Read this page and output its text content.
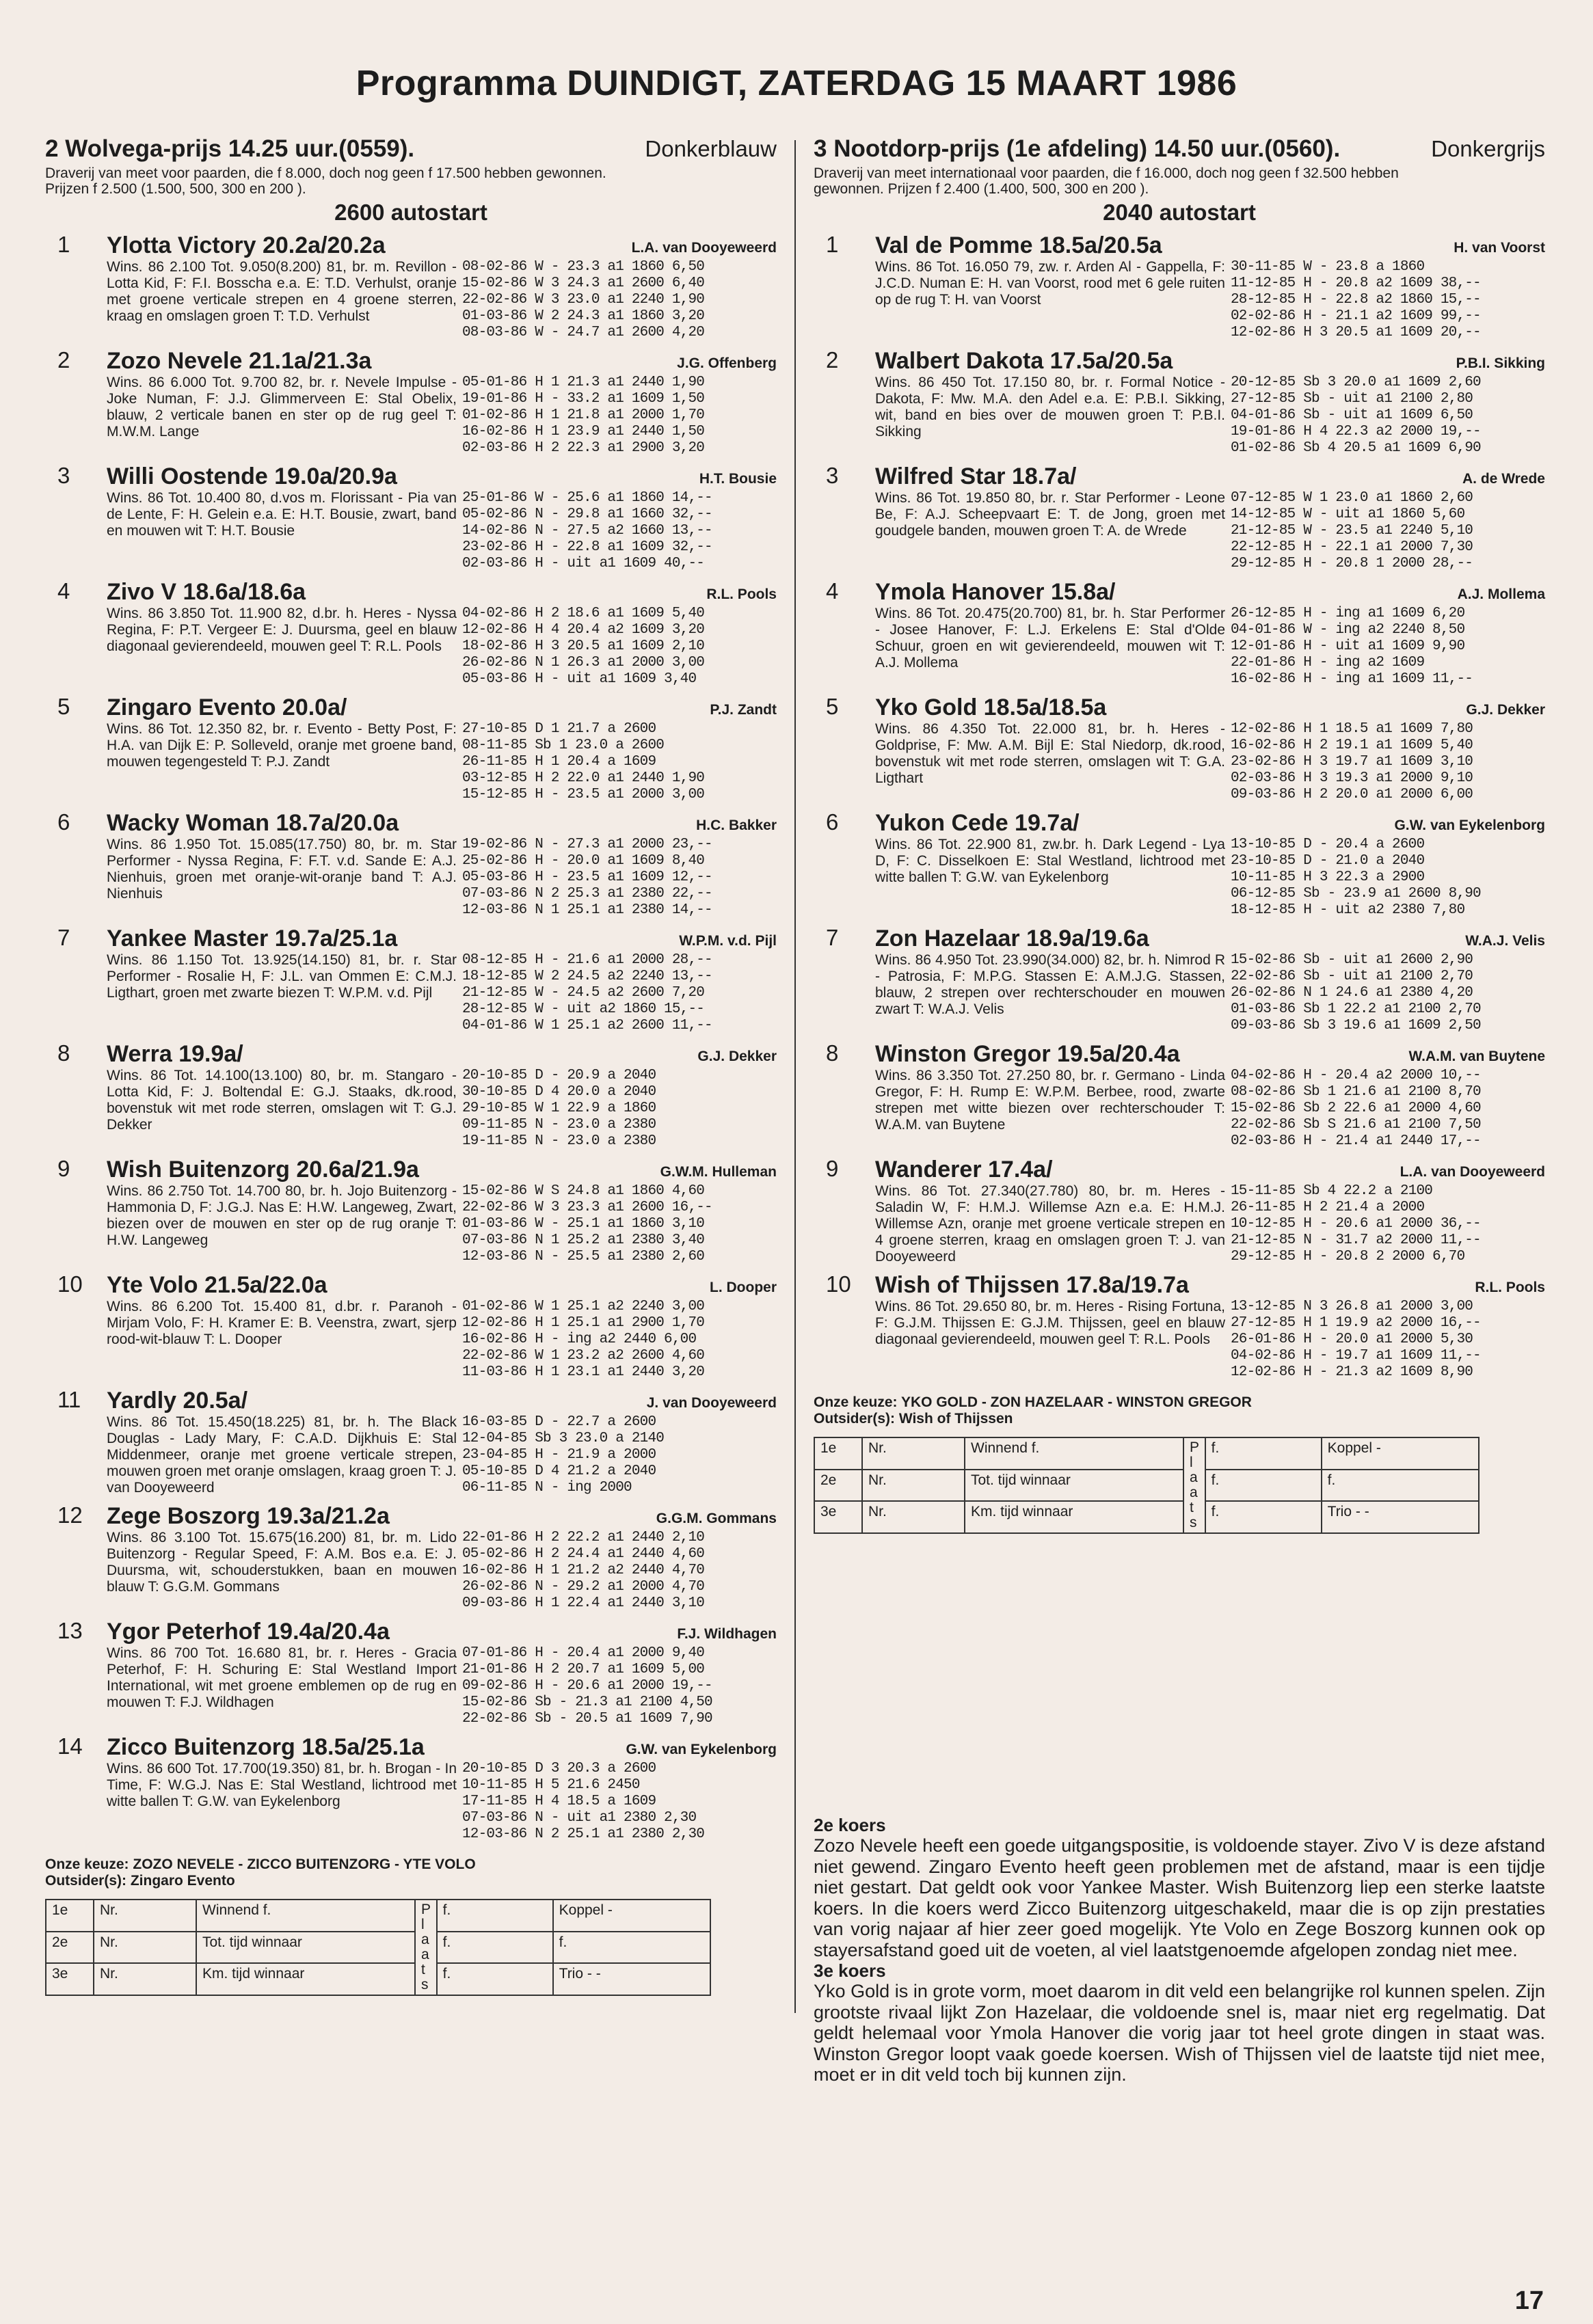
Programma DUINDIGT, ZATERDAG 15 MAART 1986
2 Wolvega-prijs 14.25 uur.(0559).	Donkerblauw
Draverij van meet voor paarden, die f 8.000, doch nog geen f 17.500 hebben gewonnen. Prijzen f 2.500 (1.500, 500, 300 en 200 ).
2600 autostart
1	Ylotta Victory 20.2a/20.2a	L.A. van Dooyeweerd
Wins. 86 2.100 Tot. 9.050(8.200) 81, br. m. Revillon - Lotta Kid, F: F.I. Bosscha e.a. E: T.D. Verhulst, oranje met groene verticale strepen en 4 groene sterren, kraag en omslagen groen T: T.D. Verhulst
08-02-86 W - 23.3 a1 1860 6,50
15-02-86 W 3 24.3 a1 2600 6,40
22-02-86 W 3 23.0 a1 2240 1,90
01-03-86 W 2 24.3 a1 1860 3,20
08-03-86 W - 24.7 a1 2600 4,20
2	Zozo Nevele 21.1a/21.3a	J.G. Offenberg
Wins. 86 6.000 Tot. 9.700 82, br. r. Nevele Impulse - Joke Numan, F: J.J. Glimmerveen E: Stal Obelix, blauw, 2 verticale banen en ster op de rug geel T: M.W.M. Lange
05-01-86 H 1 21.3 a1 2440 1,90
19-01-86 H - 33.2 a1 1609 1,50
01-02-86 H 1 21.8 a1 2000 1,70
16-02-86 H 1 23.9 a1 2440 1,50
02-03-86 H 2 22.3 a1 2900 3,20
3	Willi Oostende 19.0a/20.9a	H.T. Bousie
Wins. 86 Tot. 10.400 80, d.vos m. Florissant - Pia van de Lente, F: H. Gelein e.a. E: H.T. Bousie, zwart, band en mouwen wit T: H.T. Bousie
25-01-86 W - 25.6 a1 1860 14,--
05-02-86 N - 29.8 a1 1660 32,--
14-02-86 N - 27.5 a2 1660 13,--
23-02-86 H - 22.8 a1 1609 32,--
02-03-86 H - uit a1 1609 40,--
4	Zivo V 18.6a/18.6a	R.L. Pools
Wins. 86 3.850 Tot. 11.900 82, d.br. h. Heres - Nyssa Regina, F: P.T. Vergeer E: J. Duursma, geel en blauw diagonaal gevierendeeld, mouwen geel T: R.L. Pools
04-02-86 H 2 18.6 a1 1609 5,40
12-02-86 H 4 20.4 a2 1609 3,20
18-02-86 H 3 20.5 a1 1609 2,10
26-02-86 N 1 26.3 a1 2000 3,00
05-03-86 H - uit a1 1609 3,40
5	Zingaro Evento 20.0a/	P.J. Zandt
Wins. 86 Tot. 12.350 82, br. r. Evento - Betty Post, F: H.A. van Dijk E: P. Solleveld, oranje met groene band, mouwen tegengesteld T: P.J. Zandt
27-10-85 D 1 21.7 a 2600
08-11-85 Sb 1 23.0 a 2600
26-11-85 H 1 20.4 a 1609
03-12-85 H 2 22.0 a1 2440 1,90
15-12-85 H - 23.5 a1 2000 3,00
6	Wacky Woman 18.7a/20.0a	H.C. Bakker
Wins. 86 1.950 Tot. 15.085(17.750) 80, br. m. Star Performer - Nyssa Regina, F: F.T. v.d. Sande E: A.J. Nienhuis, groen met oranje-wit-oranje band T: A.J. Nienhuis
19-02-86 N - 27.3 a1 2000 23,--
25-02-86 H - 20.0 a1 1609 8,40
05-03-86 H - 23.5 a1 1609 12,--
07-03-86 N 2 25.3 a1 2380 22,--
12-03-86 N 1 25.1 a1 2380 14,--
7	Yankee Master 19.7a/25.1a	W.P.M. v.d. Pijl
Wins. 86 1.150 Tot. 13.925(14.150) 81, br. r. Star Performer - Rosalie H, F: J.L. van Ommen E: C.M.J. Ligthart, groen met zwarte biezen T: W.P.M. v.d. Pijl
08-12-85 H - 21.6 a1 2000 28,--
18-12-85 W 2 24.5 a2 2240 13,--
21-12-85 W - 24.5 a2 2600 7,20
28-12-85 W - uit a2 1860 15,--
04-01-86 W 1 25.1 a2 2600 11,--
8	Werra 19.9a/	G.J. Dekker
Wins. 86 Tot. 14.100(13.100) 80, br. m. Stangaro - Lotta Kid, F: J. Boltendal E: G.J. Staaks, dk.rood, bovenstuk wit met rode sterren, omslagen wit T: G.J. Dekker
20-10-85 D - 20.9 a 2040
30-10-85 D 4 20.0 a 2040
29-10-85 W 1 22.9 a 1860
09-11-85 N - 23.0 a 2380
19-11-85 N - 23.0 a 2380
9	Wish Buitenzorg 20.6a/21.9a	G.W.M. Hulleman
Wins. 86 2.750 Tot. 14.700 80, br. h. Jojo Buitenzorg - Hammonia D, F: J.G.J. Nas E: H.W. Langeweg, Zwart, biezen over de mouwen en ster op de rug oranje T: H.W. Langeweg
15-02-86 W S 24.8 a1 1860 4,60
22-02-86 W 3 23.3 a1 2600 16,--
01-03-86 W - 25.1 a1 1860 3,10
07-03-86 N 1 25.2 a1 2380 3,40
12-03-86 N - 25.5 a1 2380 2,60
10	Yte Volo 21.5a/22.0a	L. Dooper
Wins. 86 6.200 Tot. 15.400 81, d.br. r. Paranoh - Mirjam Volo, F: H. Kramer E: B. Veenstra, zwart, sjerp rood-wit-blauw T: L. Dooper
01-02-86 W 1 25.1 a2 2240 3,00
12-02-86 H 1 25.1 a1 2900 1,70
16-02-86 H - ing a2 2440 6,00
22-02-86 W 1 23.2 a2 2600 4,60
11-03-86 H 1 23.1 a1 2440 3,20
11	Yardly 20.5a/	J. van Dooyeweerd
Wins. 86 Tot. 15.450(18.225) 81, br. h. The Black Douglas - Lady Mary, F: C.A.D. Dijkhuis E: Stal Middenmeer, oranje met groene verticale strepen, mouwen groen met oranje omslagen, kraag groen T: J. van Dooyeweerd
16-03-85 D - 22.7 a 2600
12-04-85 Sb 3 23.0 a 2140
23-04-85 H - 21.9 a 2000
05-10-85 D 4 21.2 a 2040
06-11-85 N - ing 2000
12	Zege Boszorg 19.3a/21.2a	G.G.M. Gommans
Wins. 86 3.100 Tot. 15.675(16.200) 81, br. m. Lido Buitenzorg - Regular Speed, F: A.M. Bos e.a. E: J. Duursma, wit, schouderstukken, baan en mouwen blauw T: G.G.M. Gommans
22-01-86 H 2 22.2 a1 2440 2,10
05-02-86 H 2 24.4 a1 2440 4,60
16-02-86 H 1 21.2 a2 2440 4,70
26-02-86 N - 29.2 a1 2000 4,70
09-03-86 H 1 22.4 a1 2440 3,10
13	Ygor Peterhof 19.4a/20.4a	F.J. Wildhagen
Wins. 86 700 Tot. 16.680 81, br. r. Heres - Gracia Peterhof, F: H. Schuring E: Stal Westland Import International, wit met groene emblemen op de rug en mouwen T: F.J. Wildhagen
07-01-86 H - 20.4 a1 2000 9,40
21-01-86 H 2 20.7 a1 1609 5,00
09-02-86 H - 20.6 a1 2000 19,--
15-02-86 Sb - 21.3 a1 2100 4,50
22-02-86 Sb - 20.5 a1 1609 7,90
14	Zicco Buitenzorg 18.5a/25.1a	G.W. van Eykelenborg
Wins. 86 600 Tot. 17.700(19.350) 81, br. h. Brogan - In Time, F: W.G.J. Nas E: Stal Westland, lichtrood met witte ballen T: G.W. van Eykelenborg
20-10-85 D 3 20.3 a 2600
10-11-85 H 5 21.6 2450
17-11-85 H 4 18.5 a 1609
07-03-86 N - uit a1 2380 2,30
12-03-86 N 2 25.1 a1 2380 2,30
Onze keuze: ZOZO NEVELE - ZICCO BUITENZORG - YTE VOLO
Outsider(s): Zingaro Evento
1e	Nr.	Winnend f.	P l a a t s	f.	Koppel -
2e	Nr.	Tot. tijd winnaar		f.	f.
3e	Nr.	Km. tijd winnaar		f.	Trio - -
3 Nootdorp-prijs (1e afdeling) 14.50 uur.(0560).	Donkergrijs
Draverij van meet internationaal voor paarden, die f 16.000, doch nog geen f 32.500 hebben gewonnen. Prijzen f 2.400 (1.400, 500, 300 en 200 ).
2040 autostart
1	Val de Pomme 18.5a/20.5a	H. van Voorst
Wins. 86 Tot. 16.050 79, zw. r. Arden Al - Gappella, F: J.C.D. Numan E: H. van Voorst, rood met 6 gele ruiten op de rug T: H. van Voorst
30-11-85 W - 23.8 a 1860
11-12-85 H - 20.8 a2 1609 38,--
28-12-85 H - 22.8 a2 1860 15,--
02-02-86 H - 21.1 a2 1609 99,--
12-02-86 H 3 20.5 a1 1609 20,--
2	Walbert Dakota 17.5a/20.5a	P.B.I. Sikking
Wins. 86 450 Tot. 17.150 80, br. r. Formal Notice - Dakota, F: Mw. M.A. den Adel e.a. E: P.B.I. Sikking, wit, band en bies over de mouwen groen T: P.B.I. Sikking
20-12-85 Sb 3 20.0 a1 1609 2,60
27-12-85 Sb - uit a1 2100 2,80
04-01-86 Sb - uit a1 1609 6,50
19-01-86 H 4 22.3 a2 2000 19,--
01-02-86 Sb 4 20.5 a1 1609 6,90
3	Wilfred Star 18.7a/	A. de Wrede
Wins. 86 Tot. 19.850 80, br. r. Star Performer - Leone Be, F: A.J. Scheepvaart E: T. de Jong, groen met goudgele banden, mouwen groen T: A. de Wrede
07-12-85 W 1 23.0 a1 1860 2,60
14-12-85 W - uit a1 1860 5,60
21-12-85 W - 23.5 a1 2240 5,10
22-12-85 H - 22.1 a1 2000 7,30
29-12-85 H - 20.8 1 2000 28,--
4	Ymola Hanover 15.8a/	A.J. Mollema
Wins. 86 Tot. 20.475(20.700) 81, br. h. Star Performer - Josee Hanover, F: L.J. Erkelens E: Stal d'Olde Schuur, groen en wit gevierendeeld, mouwen wit T: A.J. Mollema
26-12-85 H - ing a1 1609 6,20
04-01-86 W - ing a2 2240 8,50
12-01-86 H - uit a1 1609 9,90
22-01-86 H - ing a2 1609
16-02-86 H - ing a1 1609 11,--
5	Yko Gold 18.5a/18.5a	G.J. Dekker
Wins. 86 4.350 Tot. 22.000 81, br. h. Heres - Goldprise, F: Mw. A.M. Bijl E: Stal Niedorp, dk.rood, bovenstuk wit met rode sterren, omslagen wit T: G.A. Ligthart
12-02-86 H 1 18.5 a1 1609 7,80
16-02-86 H 2 19.1 a1 1609 5,40
23-02-86 H 3 19.7 a1 1609 3,10
02-03-86 H 3 19.3 a1 2000 9,10
09-03-86 H 2 20.0 a1 2000 6,00
6	Yukon Cede 19.7a/	G.W. van Eykelenborg
Wins. 86 Tot. 22.900 81, zw.br. h. Dark Legend - Lya D, F: C. Disselkoen E: Stal Westland, lichtrood met witte ballen T: G.W. van Eykelenborg
13-10-85 D - 20.4 a 2600
23-10-85 D - 21.0 a 2040
10-11-85 H 3 22.3 a 2900
06-12-85 Sb - 23.9 a1 2600 8,90
18-12-85 H - uit a2 2380 7,80
7	Zon Hazelaar 18.9a/19.6a	W.A.J. Velis
Wins. 86 4.950 Tot. 23.990(34.000) 82, br. h. Nimrod R - Patrosia, F: M.P.G. Stassen E: A.M.J.G. Stassen, blauw, 2 strepen over rechterschouder en mouwen zwart T: W.A.J. Velis
15-02-86 Sb - uit a1 2600 2,90
22-02-86 Sb - uit a1 2100 2,70
26-02-86 N 1 24.6 a1 2380 4,20
01-03-86 Sb 1 22.2 a1 2100 2,70
09-03-86 Sb 3 19.6 a1 1609 2,50
8	Winston Gregor 19.5a/20.4a	W.A.M. van Buytene
Wins. 86 3.350 Tot. 27.250 80, br. r. Germano - Linda Gregor, F: H. Rump E: W.P.M. Berbee, rood, zwarte strepen met witte biezen over rechterschouder T: W.A.M. van Buytene
04-02-86 H - 20.4 a2 2000 10,--
08-02-86 Sb 1 21.6 a1 2100 8,70
15-02-86 Sb 2 22.6 a1 2000 4,60
22-02-86 Sb S 21.6 a1 2100 7,50
02-03-86 H - 21.4 a1 2440 17,--
9	Wanderer 17.4a/	L.A. van Dooyeweerd
Wins. 86 Tot. 27.340(27.780) 80, br. m. Heres - Saladin W, F: H.M.J. Willemse Azn e.a. E: H.M.J. Willemse Azn, oranje met groene verticale strepen en 4 groene sterren, kraag en omslagen groen T: J. van Dooyeweerd
15-11-85 Sb 4 22.2 a 2100
26-11-85 H 2 21.4 a 2000
10-12-85 H - 20.6 a1 2000 36,--
21-12-85 N - 31.7 a2 2000 11,--
29-12-85 H - 20.8 2 2000 6,70
10	Wish of Thijssen 17.8a/19.7a	R.L. Pools
Wins. 86 Tot. 29.650 80, br. m. Heres - Rising Fortuna, F: G.J.M. Thijssen E: G.J.M. Thijssen, geel en blauw diagonaal gevierendeeld, mouwen geel T: R.L. Pools
13-12-85 N 3 26.8 a1 2000 3,00
27-12-85 H 1 19.9 a2 2000 16,--
26-01-86 H - 20.0 a1 2000 5,30
04-02-86 H - 19.7 a1 1609 11,--
12-02-86 H - 21.3 a2 1609 8,90
Onze keuze: YKO GOLD - ZON HAZELAAR - WINSTON GREGOR
Outsider(s): Wish of Thijssen
1e	Nr.	Winnend f.	P l a a t s	f.	Koppel -
2e	Nr.	Tot. tijd winnaar		f.	f.
3e	Nr.	Km. tijd winnaar		f.	Trio - -
2e koers

Zozo Nevele heeft een goede uitgangspositie, is voldoende stayer. Zivo V is deze afstand niet gewend. Zingaro Evento heeft geen problemen met de afstand, maar is een tijdje niet gestart. Dat geldt ook voor Yankee Master. Wish Buitenzorg liep een sterke laatste koers. In die koers werd Zicco Buitenzorg uitgeschakeld, maar die is op zijn prestaties van vorig najaar af hier zeer goed mogelijk. Yte Volo en Zege Boszorg kunnen ook op stayersafstand goed uit de voeten, al viel laatstgenoemde afgelopen zondag niet mee.

3e koers

Yko Gold is in grote vorm, moet daarom in dit veld een belangrijke rol kunnen spelen. Zijn grootste rivaal lijkt Zon Hazelaar, die voldoende snel is, maar niet erg regelmatig. Dat geldt helemaal voor Ymola Hanover die vorig jaar tot heel grote dingen in staat was. Winston Gregor loopt vaak goede koersen. Wish of Thijssen viel de laatste tijd niet mee, moet er in dit veld toch bij kunnen zijn.

17
